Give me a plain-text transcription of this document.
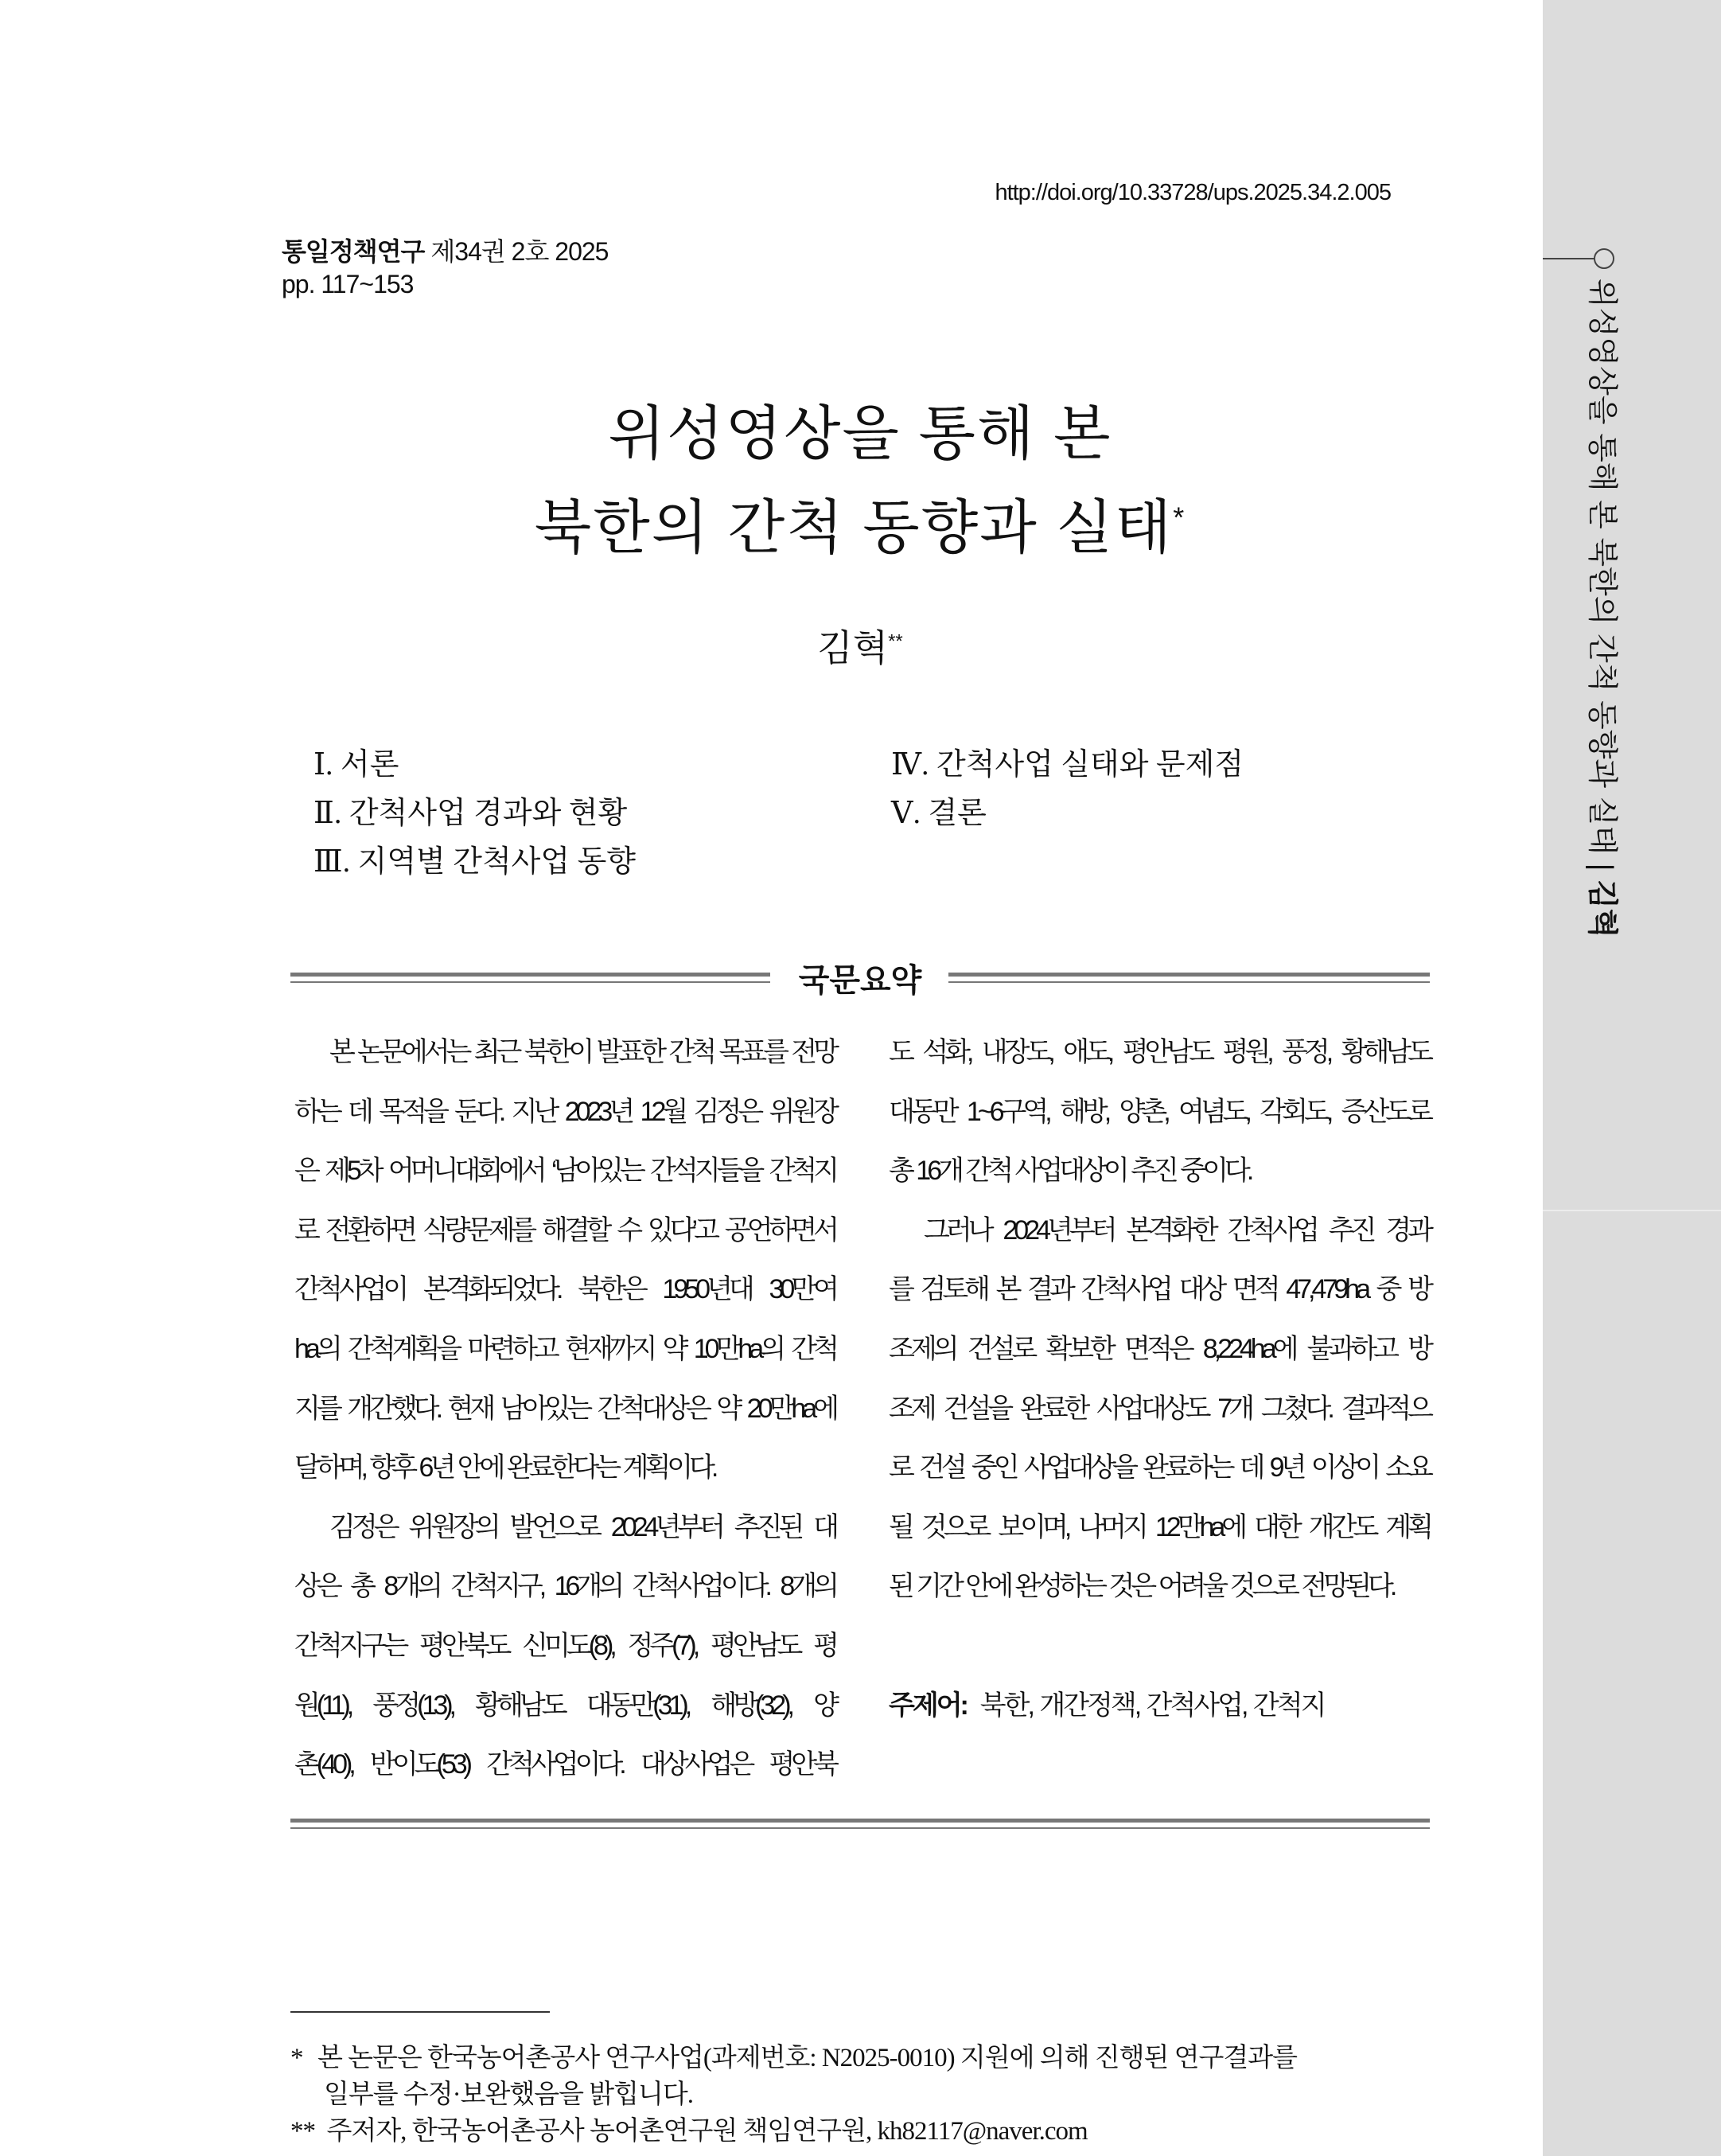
위성영상을 통해 본 북한의 간척 동향과 실태 | 김혁
http://doi.org/10.33728/ups.2025.34.2.005
통일정책연구 제34권 2호 2025
pp. 117~153
위성영상을 통해 본
북한의 간척 동향과 실태*
김혁**
Ⅰ. 서론
Ⅱ. 간척사업 경과와 현황
Ⅲ. 지역별 간척사업 동향
Ⅳ. 간척사업 실태와 문제점
Ⅴ. 결론
국문요약
본 논문에서는 최근 북한이 발표한 간척 목표를 전망
하는 데 목적을 둔다. 지난 2023년 12월 김정은 위원장
은 제5차 어머니대회에서 ‘남아있는 간석지들을 간척지
로 전환하면 식량문제를 해결할 수 있다’고 공언하면서
간척사업이 본격화되었다. 북한은 1950년대 30만여
ha의 간척계획을 마련하고 현재까지 약 10만ha의 간척
지를 개간했다. 현재 남아있는 간척대상은 약 20만ha에
달하며, 향후 6년 안에 완료한다는 계획이다.
김정은 위원장의 발언으로 2024년부터 추진된 대
상은 총 8개의 간척지구, 16개의 간척사업이다. 8개의
간척지구는 평안북도 신미도(8), 정주(7), 평안남도 평
원(11), 풍정(13), 황해남도 대동만(31), 해방(32), 양
촌(40), 반이도(53) 간척사업이다. 대상사업은 평안북
도 석화, 내장도, 애도, 평안남도 평원, 풍정, 황해남도
대동만 1~6구역, 해방, 양촌, 여념도, 각회도, 증산도로
총 16개 간척 사업대상이 추진 중이다.
그러나 2024년부터 본격화한 간척사업 추진 경과
를 검토해 본 결과 간척사업 대상 면적 47,479ha 중 방
조제의 건설로 확보한 면적은 8,224ha에 불과하고 방
조제 건설을 완료한 사업대상도 7개 그쳤다. 결과적으
로 건설 중인 사업대상을 완료하는 데 9년 이상이 소요
될 것으로 보이며, 나머지 12만ha에 대한 개간도 계획
된 기간 안에 완성하는 것은 어려울 것으로 전망된다.
주제어: 북한, 개간정책, 간척사업, 간척지
* 본 논문은 한국농어촌공사 연구사업(과제번호: N2025-0010) 지원에 의해 진행된 연구결과를
일부를 수정·보완했음을 밝힙니다.
** 주저자, 한국농어촌공사 농어촌연구원 책임연구원, kh82117@naver.com
